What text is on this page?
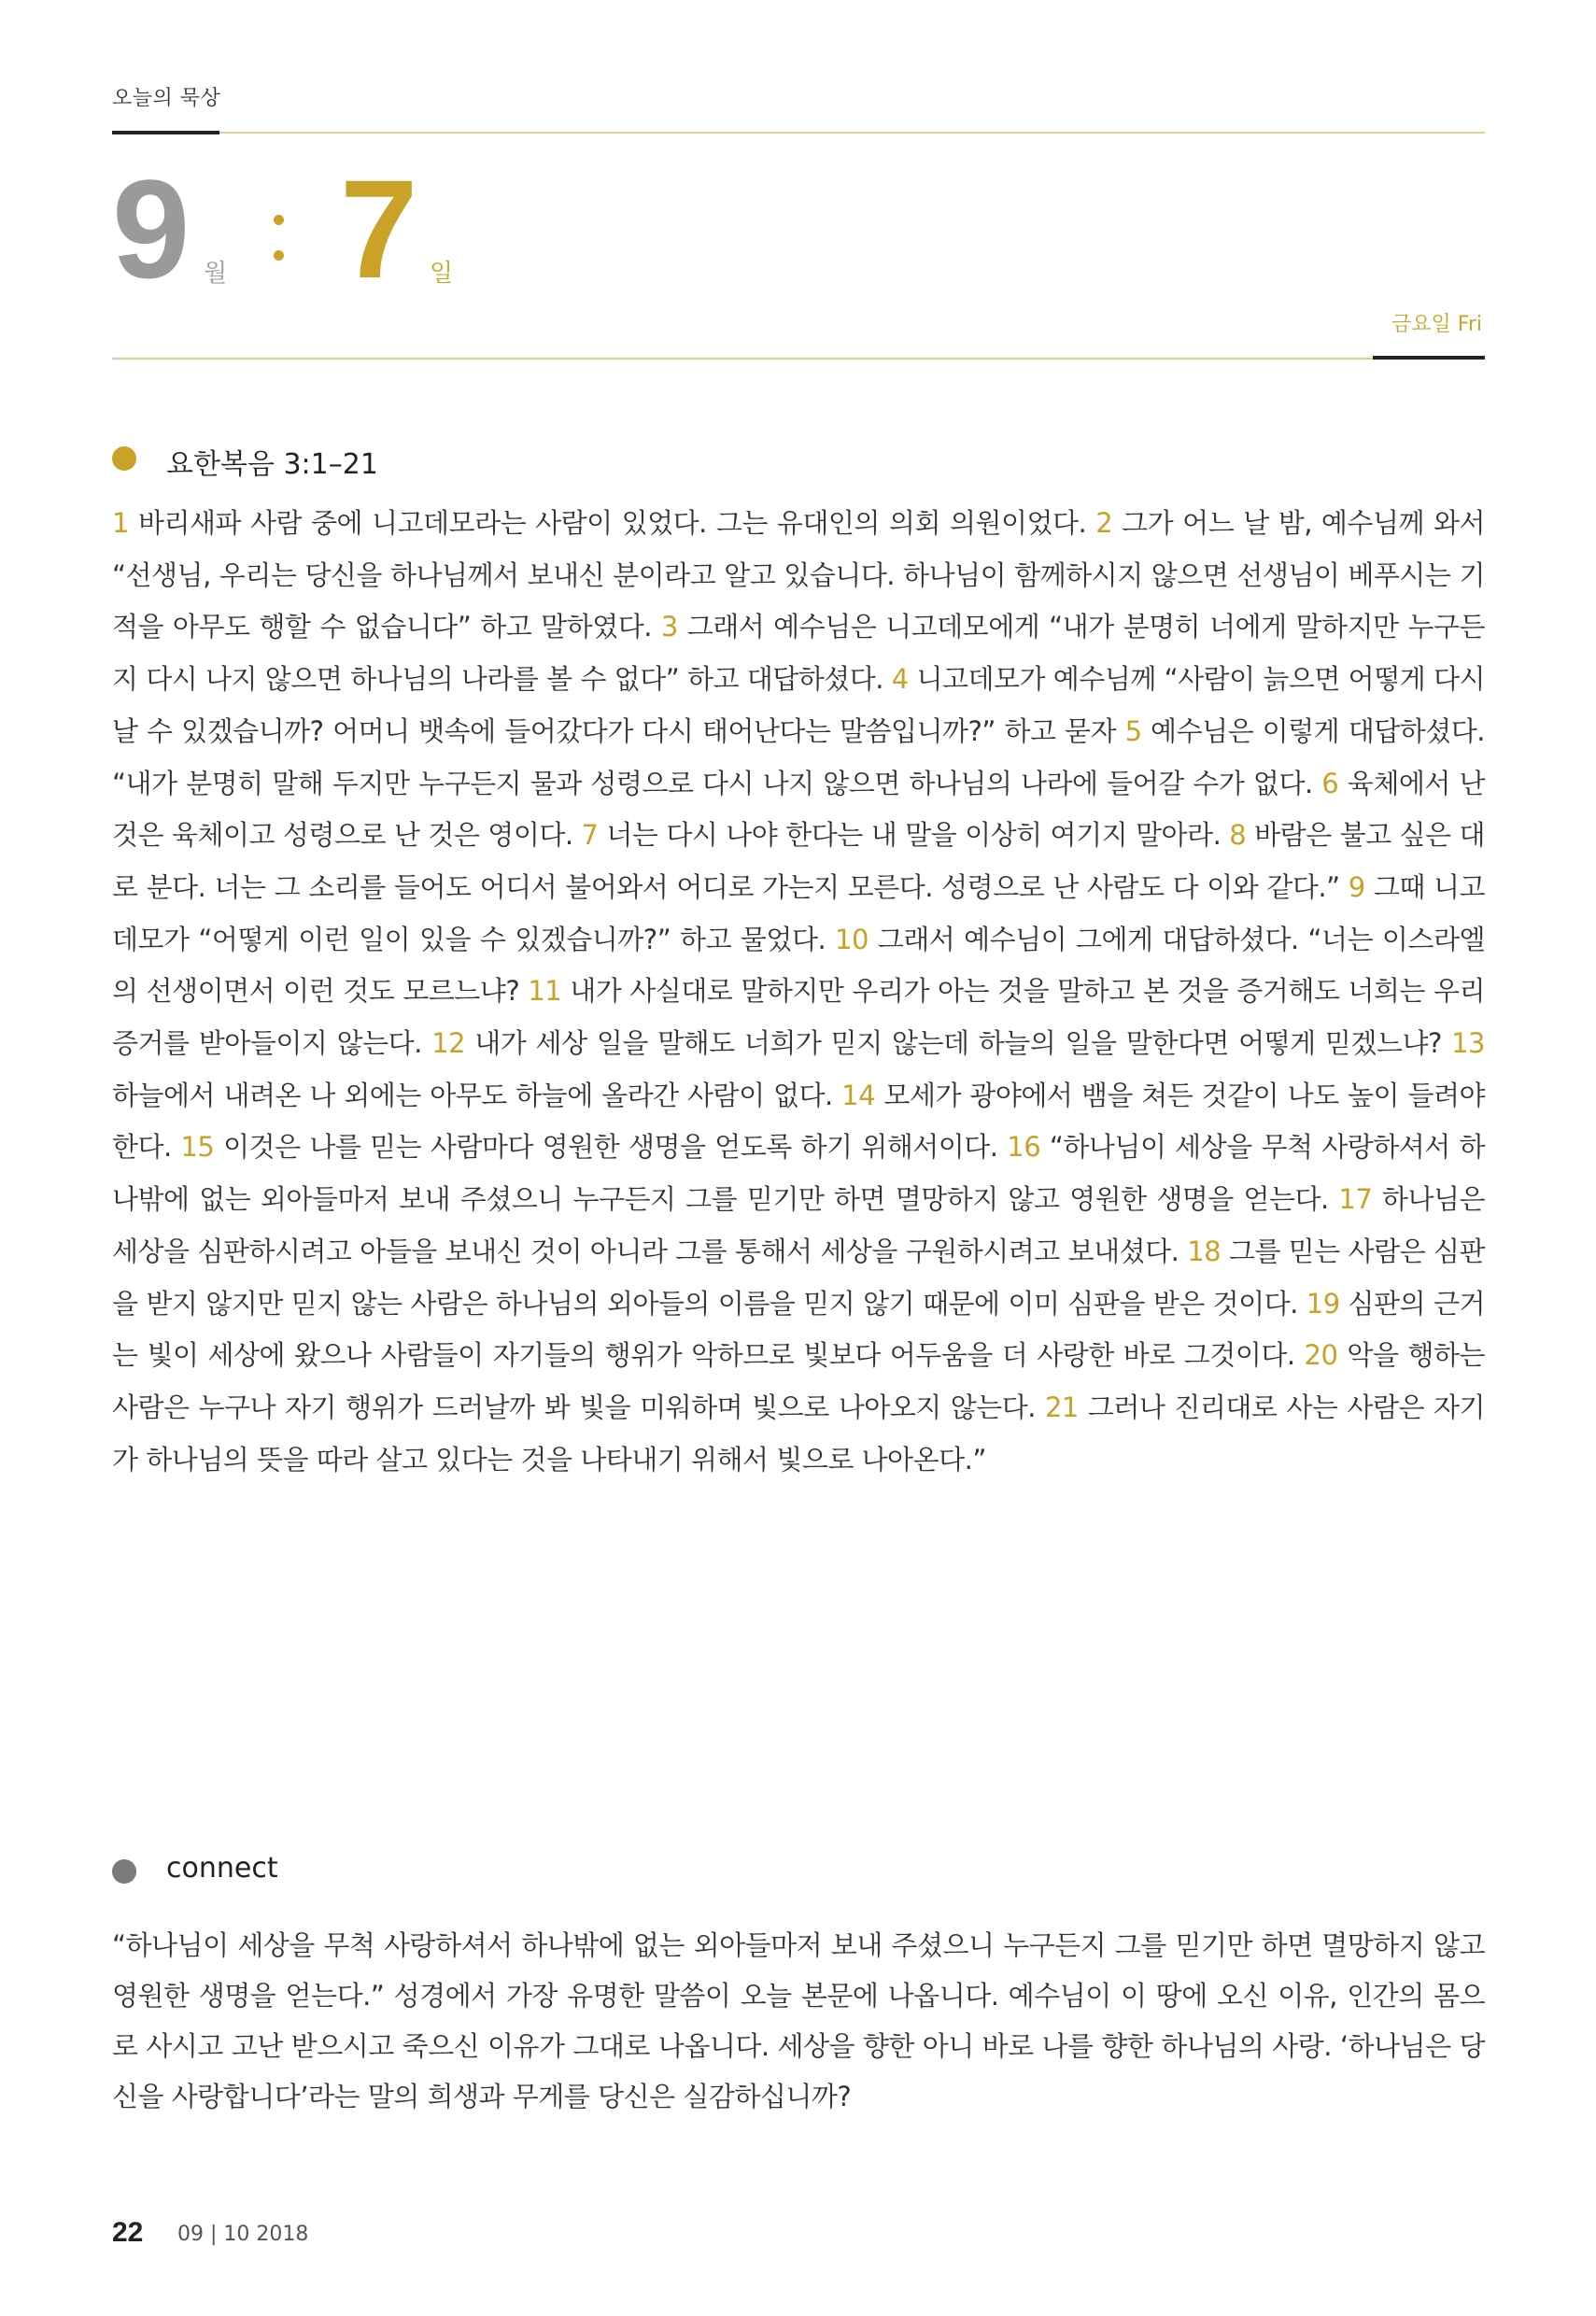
오늘의 묵상
9 월 7 일
금요일 Fri
요한복음 3:1–21
1 바리새파 사람 중에 니고데모라는 사람이 있었다. 그는 유대인의 의회 의원이었다. 2 그가 어느 날 밤, 예수님께 와서 “선생님, 우리는 당신을 하나님께서 보내신 분이라고 알고 있습니다. 하나님이 함께하시지 않으면 선생님이 베푸시는 기적을 아무도 행할 수 없습니다” 하고 말하였다. 3 그래서 예수님은 니고데모에게 “내가 분명히 너에게 말하지만 누구든지 다시 나지 않으면 하나님의 나라를 볼 수 없다” 하고 대답하셨다. 4 니고데모가 예수님께 “사람이 늙으면 어떻게 다시 날 수 있겠습니까? 어머니 뱃속에 들어갔다가 다시 태어난다는 말씀입니까?” 하고 묻자 5 예수님은 이렇게 대답하셨다. “내가 분명히 말해 두지만 누구든지 물과 성령으로 다시 나지 않으면 하나님의 나라에 들어갈 수가 없다. 6 육체에서 난 것은 육체이고 성령으로 난 것은 영이다. 7 너는 다시 나야 한다는 내 말을 이상히 여기지 말아라. 8 바람은 불고 싶은 대로 분다. 너는 그 소리를 들어도 어디서 불어와서 어디로 가는지 모른다. 성령으로 난 사람도 다 이와 같다.” 9 그때 니고데모가 “어떻게 이런 일이 있을 수 있겠습니까?” 하고 물었다. 10 그래서 예수님이 그에게 대답하셨다. “너는 이스라엘의 선생이면서 이런 것도 모르느냐? 11 내가 사실대로 말하지만 우리가 아는 것을 말하고 본 것을 증거해도 너희는 우리 증거를 받아들이지 않는다. 12 내가 세상 일을 말해도 너희가 믿지 않는데 하늘의 일을 말한다면 어떻게 믿겠느냐? 13 하늘에서 내려온 나 외에는 아무도 하늘에 올라간 사람이 없다. 14 모세가 광야에서 뱀을 쳐든 것같이 나도 높이 들려야 한다. 15 이것은 나를 믿는 사람마다 영원한 생명을 얻도록 하기 위해서이다. 16 “하나님이 세상을 무척 사랑하셔서 하나밖에 없는 외아들마저 보내 주셨으니 누구든지 그를 믿기만 하면 멸망하지 않고 영원한 생명을 얻는다. 17 하나님은 세상을 심판하시려고 아들을 보내신 것이 아니라 그를 통해서 세상을 구원하시려고 보내셨다. 18 그를 믿는 사람은 심판을 받지 않지만 믿지 않는 사람은 하나님의 외아들의 이름을 믿지 않기 때문에 이미 심판을 받은 것이다. 19 심판의 근거는 빛이 세상에 왔으나 사람들이 자기들의 행위가 악하므로 빛보다 어두움을 더 사랑한 바로 그것이다. 20 악을 행하는 사람은 누구나 자기 행위가 드러날까 봐 빛을 미워하며 빛으로 나아오지 않는다. 21 그러나 진리대로 사는 사람은 자기가 하나님의 뜻을 따라 살고 있다는 것을 나타내기 위해서 빛으로 나아온다.”
connect
“하나님이 세상을 무척 사랑하셔서 하나밖에 없는 외아들마저 보내 주셨으니 누구든지 그를 믿기만 하면 멸망하지 않고 영원한 생명을 얻는다.” 성경에서 가장 유명한 말씀이 오늘 본문에 나옵니다. 예수님이 이 땅에 오신 이유, 인간의 몸으로 사시고 고난 받으시고 죽으신 이유가 그대로 나옵니다. 세상을 향한 아니 바로 나를 향한 하나님의 사랑. ‘하나님은 당신을 사랑합니다’라는 말의 희생과 무게를 당신은 실감하십니까?
22 09 | 10 2018
